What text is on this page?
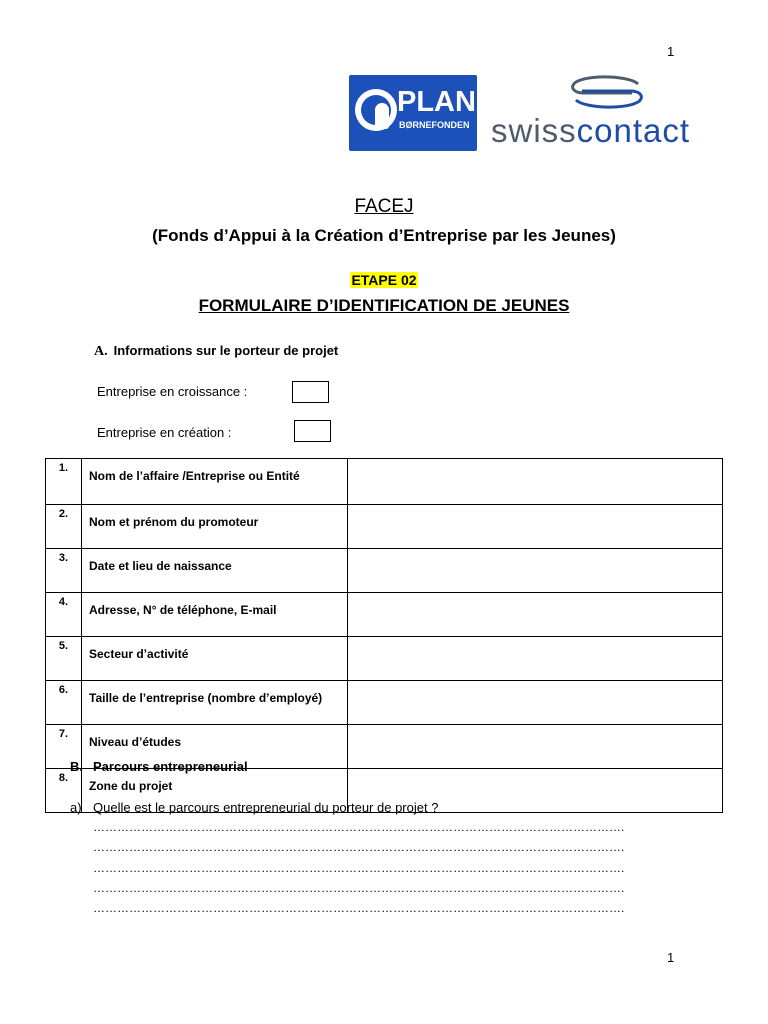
1
PLAN
BØRNEFONDEN swisscontact
FACEJ
(Fonds d’Appui à la Création d’Entreprise par les Jeunes)
ETAPE 02
FORMULAIRE D’IDENTIFICATION DE JEUNES
A. Informations sur le porteur de projet
Entreprise en croissance :
Entreprise en création :
1.	Nom de l’affaire /Entreprise ou Entité	
2.	Nom et prénom du promoteur	
3.	Date et lieu de naissance	
4.	Adresse, N° de téléphone, E-mail	
5.	Secteur d’activité	
6.	Taille de l’entreprise (nombre d’employé)	
7.	Niveau d’études	
8.	Zone du projet	
B. Parcours entrepreneurial
a) Quelle est le parcours entrepreneurial du porteur de projet ?
…………………………………………………………………………………………………………………….
…………………………………………………………………………………………………………………….
…………………………………………………………………………………………………………………….
…………………………………………………………………………………………………………………….
…………………………………………………………………………………………………………………….
1
